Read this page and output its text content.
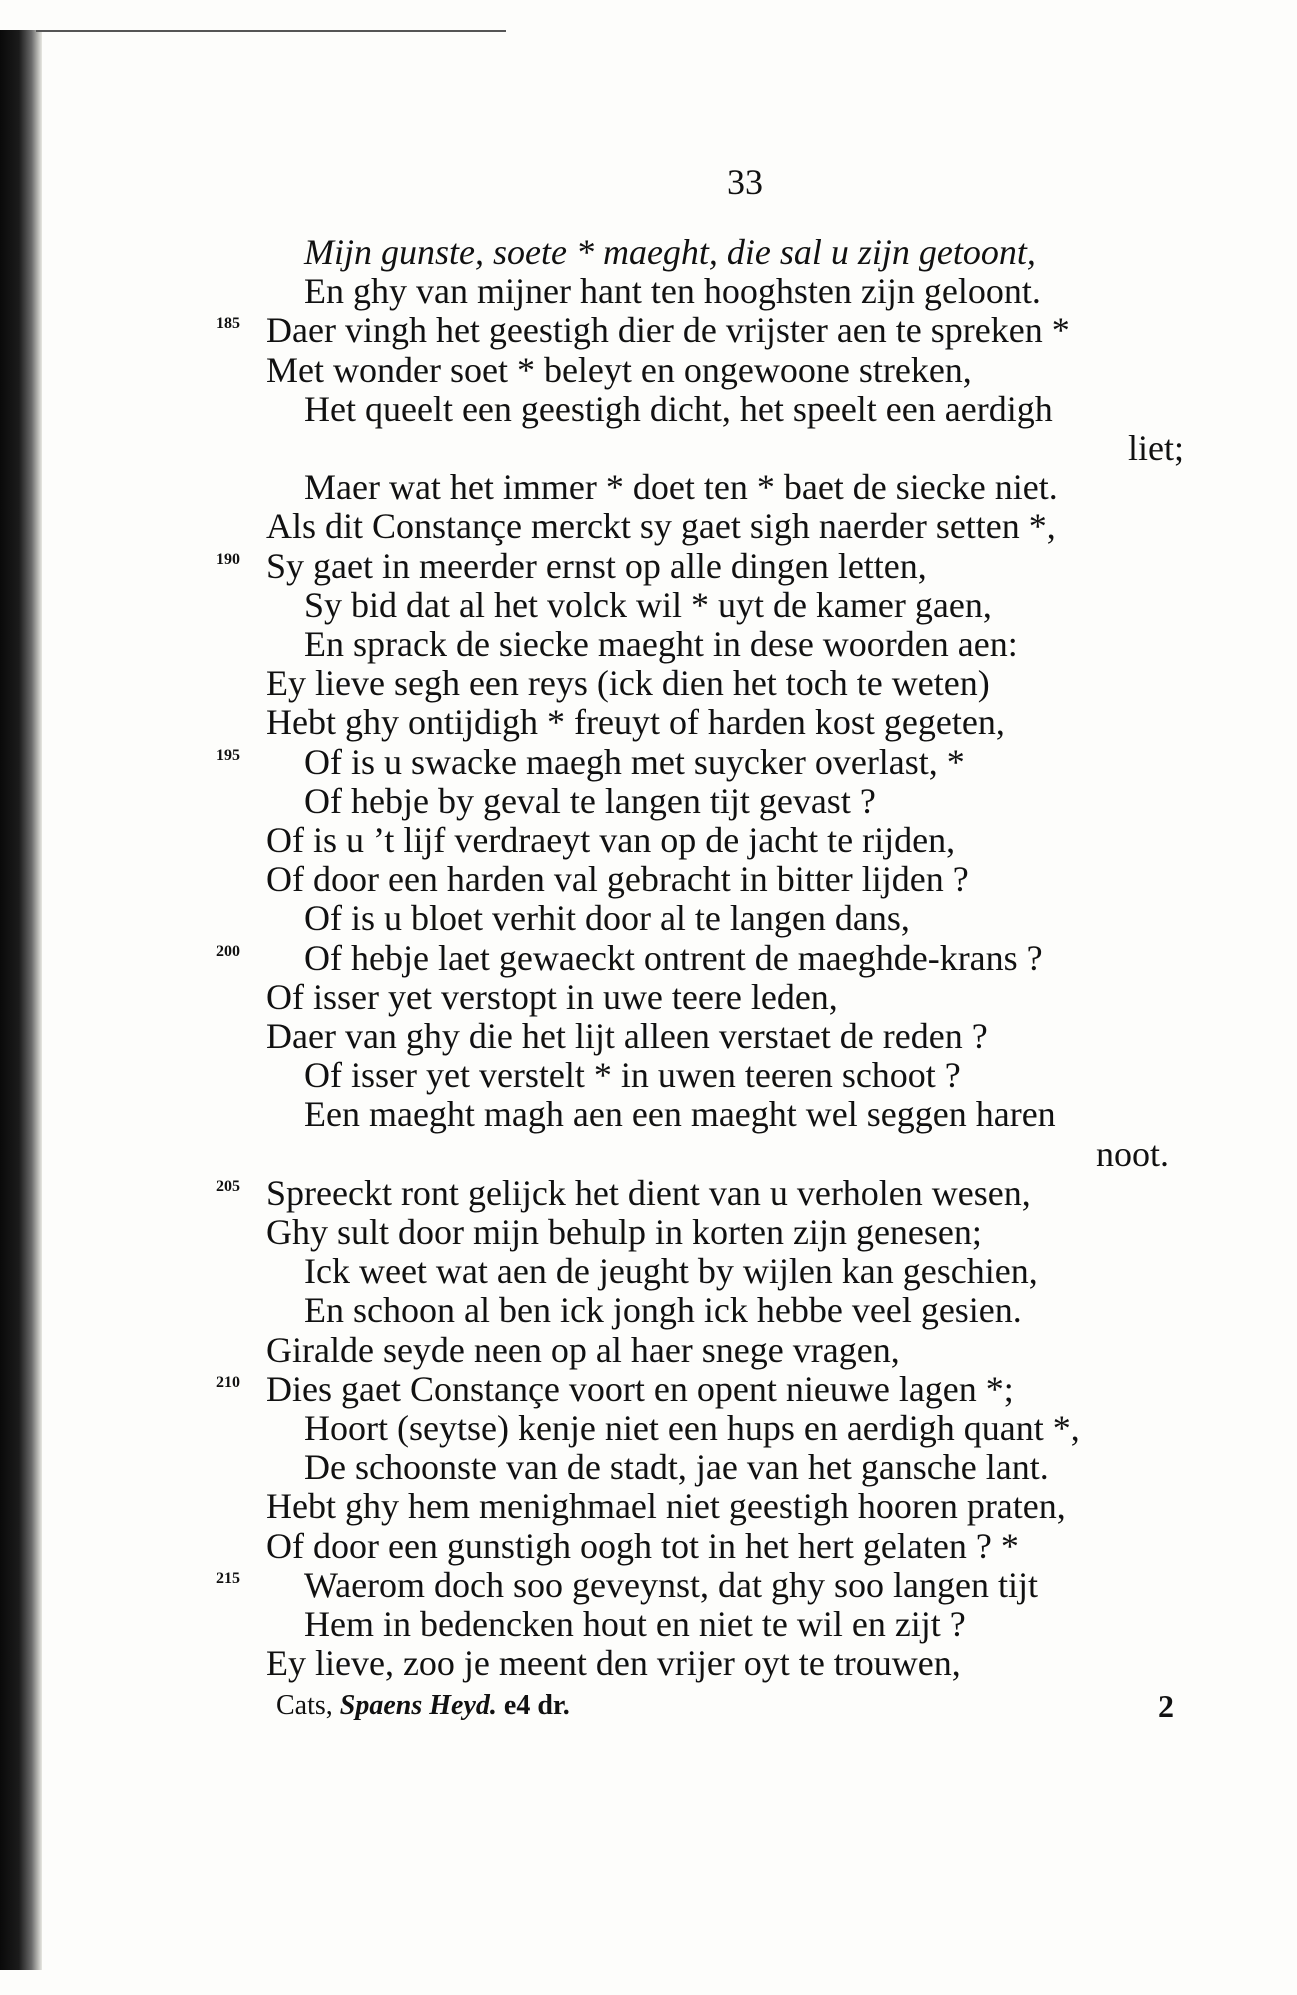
33
Mijn gunste, soete * maeght, die sal u zijn getoont,
En ghy van mijner hant ten hooghsten zijn geloont.
Daer vingh het geestigh dier de vrijster aen te spreken *
185
Met wonder soet * beleyt en ongewoone streken,
Het queelt een geestigh dicht, het speelt een aerdigh
liet;
Maer wat het immer * doet ten * baet de siecke niet.
Als dit Constançe merckt sy gaet sigh naerder setten *,
Sy gaet in meerder ernst op alle dingen letten,
190
Sy bid dat al het volck wil * uyt de kamer gaen,
En sprack de siecke maeght in dese woorden aen:
Ey lieve segh een reys (ick dien het toch te weten)
Hebt ghy ontijdigh * freuyt of harden kost gegeten,
Of is u swacke maegh met suycker overlast, *
195
Of hebje by geval te langen tijt gevast ?
Of is u ’t lijf verdraeyt van op de jacht te rijden,
Of door een harden val gebracht in bitter lijden ?
Of is u bloet verhit door al te langen dans,
Of hebje laet gewaeckt ontrent de maeghde-krans ?
200
Of isser yet verstopt in uwe teere leden,
Daer van ghy die het lijt alleen verstaet de reden ?
Of isser yet verstelt * in uwen teeren schoot ?
Een maeght magh aen een maeght wel seggen haren
noot.
Spreeckt ront gelijck het dient van u verholen wesen,
205
Ghy sult door mijn behulp in korten zijn genesen;
Ick weet wat aen de jeught by wijlen kan geschien,
En schoon al ben ick jongh ick hebbe veel gesien.
Giralde seyde neen op al haer snege vragen,
Dies gaet Constançe voort en opent nieuwe lagen *;
210
Hoort (seytse) kenje niet een hups en aerdigh quant *,
De schoonste van de stadt, jae van het gansche lant.
Hebt ghy hem menighmael niet geestigh hooren praten,
Of door een gunstigh oogh tot in het hert gelaten ? *
Waerom doch soo geveynst, dat ghy soo langen tijt
215
Hem in bedencken hout en niet te wil en zijt ?
Ey lieve, zoo je meent den vrijer oyt te trouwen,
Cats, Spaens Heyd. e4 dr.	2
